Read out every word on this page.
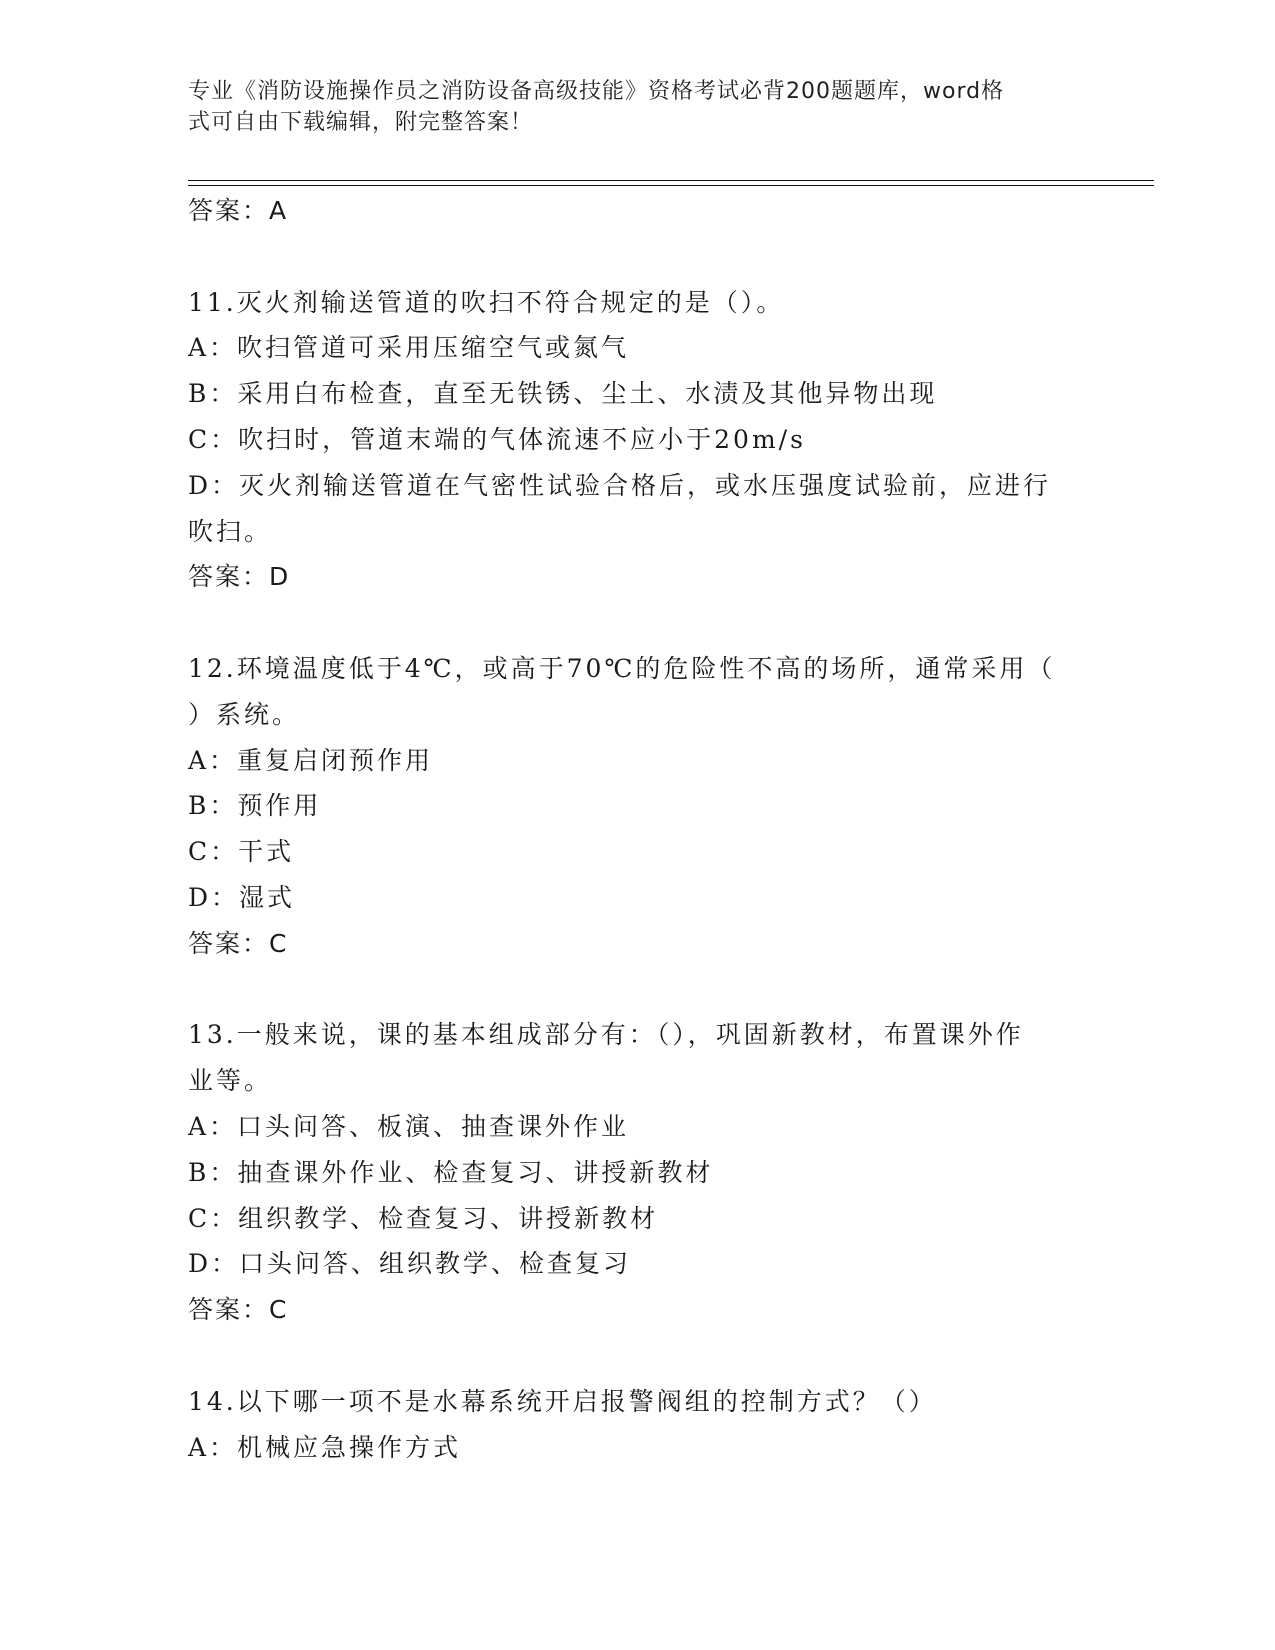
专业《消防设施操作员之消防设备高级技能》资格考试必背200题题库，word格
式可自由下载编辑，附完整答案！
答案：A
11.灭火剂输送管道的吹扫不符合规定的是（）。
A：吹扫管道可采用压缩空气或氮气
B：采用白布检查，直至无铁锈、尘土、水渍及其他异物出现
C：吹扫时，管道末端的气体流速不应小于20m/s
D：灭火剂输送管道在气密性试验合格后，或水压强度试验前，应进行
吹扫。
答案：D
12.环境温度低于4℃，或高于70℃的危险性不高的场所，通常采用（
）系统。
A：重复启闭预作用
B：预作用
C：干式
D：湿式
答案：C
13.一般来说，课的基本组成部分有：（），巩固新教材，布置课外作
业等。
A：口头问答、板演、抽查课外作业
B：抽查课外作业、检查复习、讲授新教材
C：组织教学、检查复习、讲授新教材
D：口头问答、组织教学、检查复习
答案：C
14.以下哪一项不是水幕系统开启报警阀组的控制方式？（）
A：机械应急操作方式
